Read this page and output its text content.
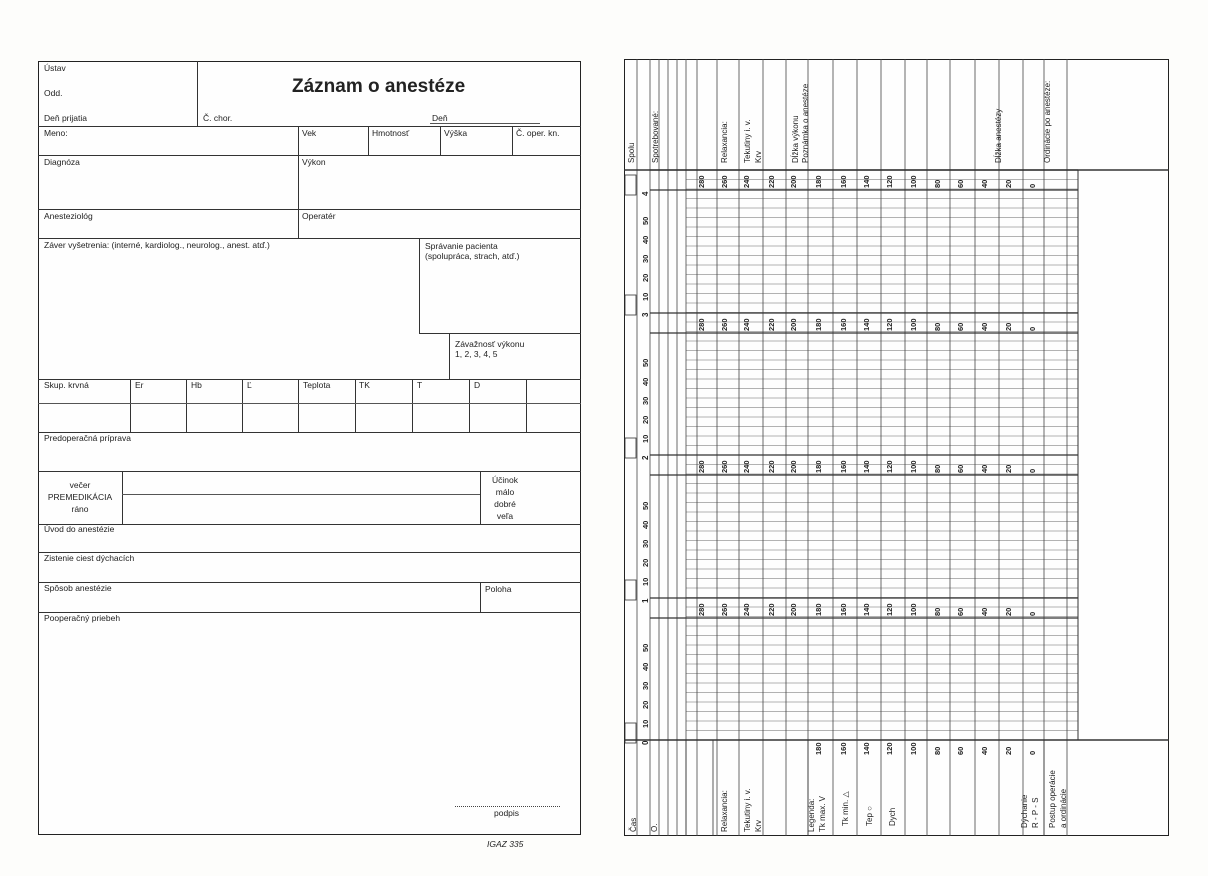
Ústav
Odd.	Záznam o anestéze
Deň prijatia	Č. chor.	Deň
Meno:	Vek	Hmotnosť	Výška	Č. oper. kn.
Diagnóza	Výkon
Anesteziológ	Operatér
Záver vyšetrenia: (interné, kardiolog., neurolog., anest. atď.)	Správanie pacienta
(spolupráca, strach, atď.)
Závažnosť výkonu
1, 2, 3, 4, 5
Skup. krvná	Er	Hb	Ľ	Teplota	TK	T	D
Predoperačná príprava
večer
PREMEDIKÁCIA
ráno
Účinok
málo
dobré
veľa
Úvod do anestézie
Zistenie ciest dýchacích
Spôsob anestézie	Poloha
Pooperačný priebeh
podpis
IGAZ 335
Spolu Spotrebované:	Relaxancia: Tekutiny i. v. Krv	Dĺžka výkonu Poznámka o anestéze	Dĺžka anestézy	Ordinácie po anestéze:
4
3
2
1
0
Čas O.	Relaxancia: Tekutiny i. v. Krv	Legenda: Tk max. V Tk min. △ Tep ○ Dych	Dýchanie R - P - S Postup operácie a ordinácie
280 260 240 220 200 180 160 140 120 100 80 60 40 20 0
280 260 240 220 200 180 160 140 120 100 80 60 40 20 0
280 260 240 220 200 180 160 140 120 100 80 60 40 20 0
280 260 240 220 200 180 160 140 120 100 80 60 40 20 0
50
40
30
20
10
50
40
30
20
10
50
40
30
20
10
50
40
30
20
10
180 160 140 120 100 80 60 40 20 0
